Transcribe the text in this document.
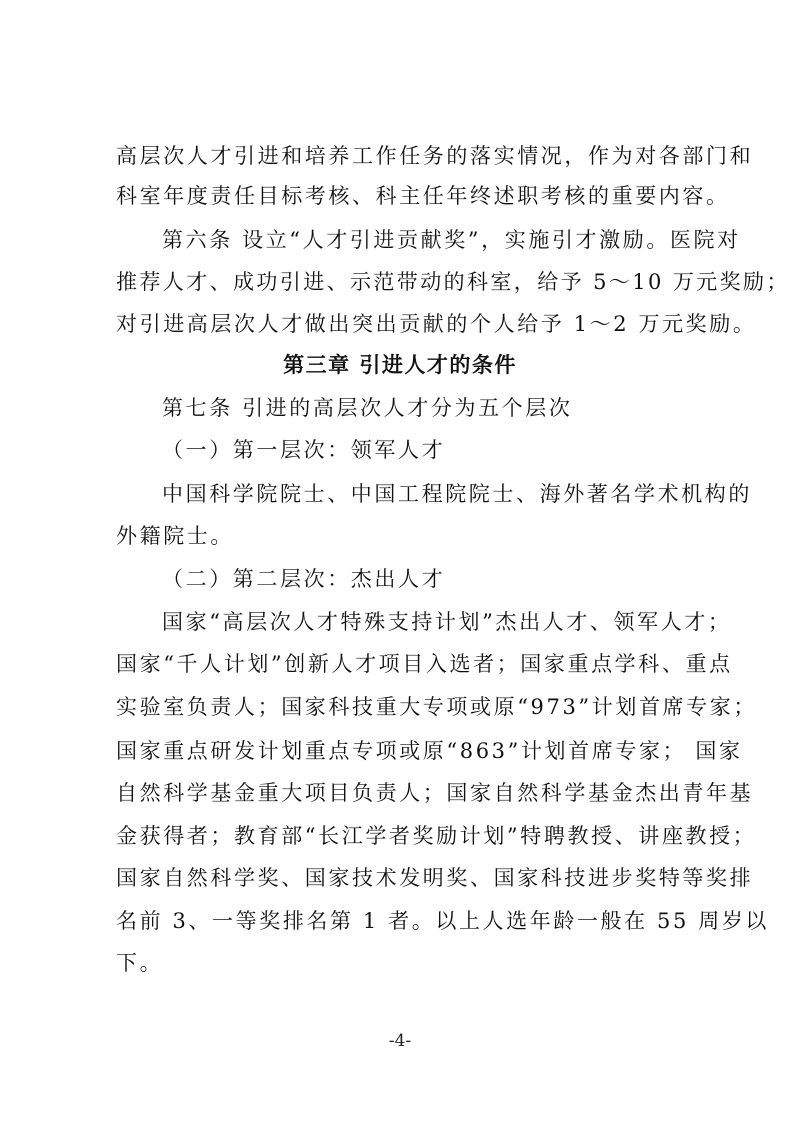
高层次人才引进和培养工作任务的落实情况，作为对各部门和
科室年度责任目标考核、科主任年终述职考核的重要内容。
第六条 设立“人才引进贡献奖”，实施引才激励。医院对
推荐人才、成功引进、示范带动的科室，给予 5～10 万元奖励；
对引进高层次人才做出突出贡献的个人给予 1～2 万元奖励。
第三章 引进人才的条件
第七条 引进的高层次人才分为五个层次
（一）第一层次：领军人才
中国科学院院士、中国工程院院士、海外著名学术机构的
外籍院士。
（二）第二层次：杰出人才
国家“高层次人才特殊支持计划”杰出人才、领军人才；
国家“千人计划”创新人才项目入选者；国家重点学科、重点
实验室负责人；国家科技重大专项或原“973”计划首席专家；
国家重点研发计划重点专项或原“863”计划首席专家； 国家
自然科学基金重大项目负责人；国家自然科学基金杰出青年基
金获得者；教育部“长江学者奖励计划”特聘教授、讲座教授；
国家自然科学奖、国家技术发明奖、国家科技进步奖特等奖排
名前 3、一等奖排名第 1 者。以上人选年龄一般在 55 周岁以
下。
-4-
